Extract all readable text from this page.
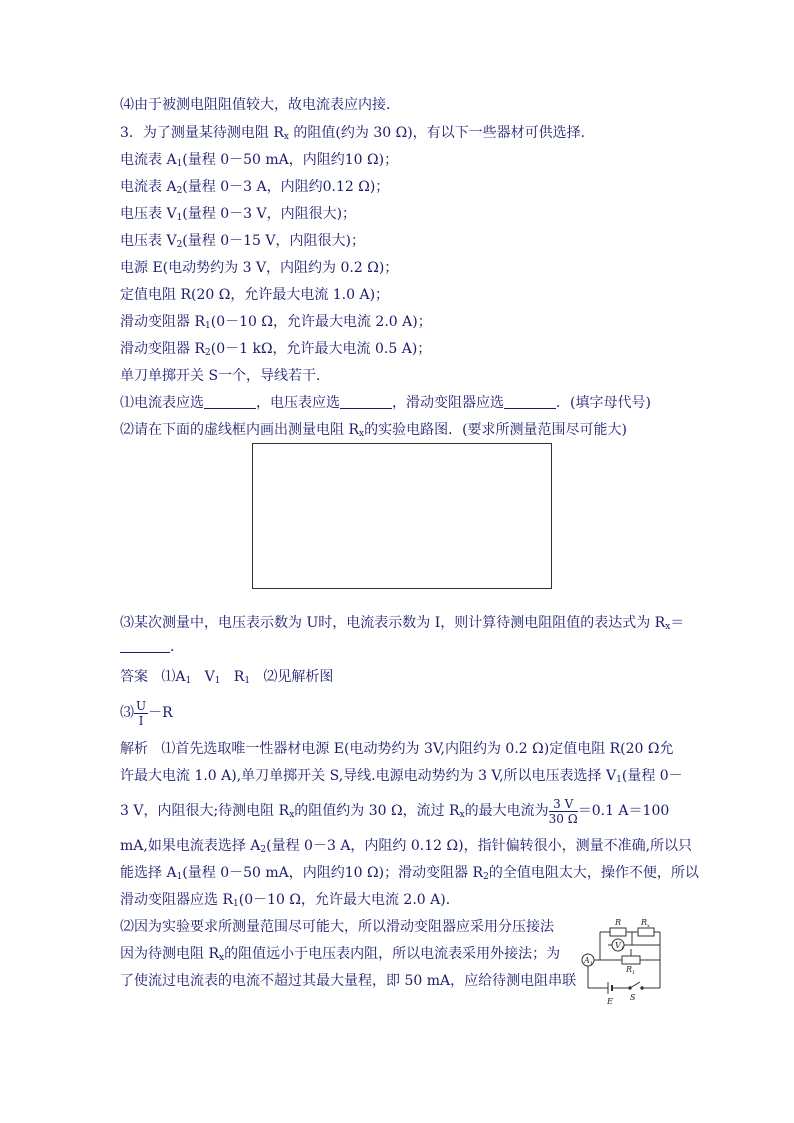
⑷由于被测电阻阻值较大，故电流表应内接．
3．为了测量某待测电阻 $R_x$ 的阻值(约为 30 Ω)，有以下一些器材可供选择．
电流表 $A_1$(量程 0－50 mA，内阻约10 Ω)；
电流表 $A_2$(量程 0－3 A，内阻约0.12 Ω)；
电压表 $V_1$(量程 0－3 V，内阻很大)；
电压表 $V_2$(量程 0－15 V，内阻很大)；
电源 E(电动势约为 3 V，内阻约为 0.2 Ω)；
定值电阻 R(20 Ω，允许最大电流 1.0 A)；
滑动变阻器 $R_1(0-10$ Ω，允许最大电流 2.0 A)；
滑动变阻器 $R_2(0-1$ kΩ，允许最大电流 0.5 A)；
单刀单掷开关 S一个，导线若干．
⑴电流表应选	，电压表应选	，滑动变阻器应选	．(填字母代号)
⑵请在下面的虚线框内画出测量电阻 $R_x$的实验电路图．(要求所测量范围尽可能大)
⑶某次测量中，电压表示数为 U时，电流表示数为 I，则计算待测电阻阻值的表达式为 $R_x=$
．
答案 $⑴A_1$ $V_1$ $R_1$ ⑵见解析图
⑶ $\frac{U}{I} -R$
解析 ⑴首先选取唯一性器材电源 E(电动势约为 3V,内阻约为 0.2 Ω)定值电阻 R(20 Ω允
许最大电流 1.0 A),单刀单掷开关 S,导线.电源电动势约为 3 V,所以电压表选择 $V_1$(量程 0－
3 V，内阻很大;待测电阻 $R_x$的阻值约为 30 Ω，流过 $R_x$的最大电流为 $\frac{3 V}{30 \Omega} =0.1$ A＝100
mA,如果电流表选择 $A_2$(量程 0－3 A，内阻约 0.12 Ω)，指针偏转很小，测量不准确,所以只
能选择 $A_1$(量程 0－50 mA，内阻约10 Ω)；滑动变阻器 $R_2$的全值电阻太大，操作不便，所以
滑动变阻器应选 $R_1(0-10$ Ω，允许最大电流 2.0 A)．
⑵因为实验要求所测量范围尽可能大，所以滑动变阻器应采用分压接法
因为待测电阻 $R_x$的阻值远小于电压表内阻，所以电流表采用外接法；为
了使流过电流表的电流不超过其最大量程，即 50 mA，应给待测电阻串联
R $R_x$
$V_1$
$A_1$
$R_1$
E S
